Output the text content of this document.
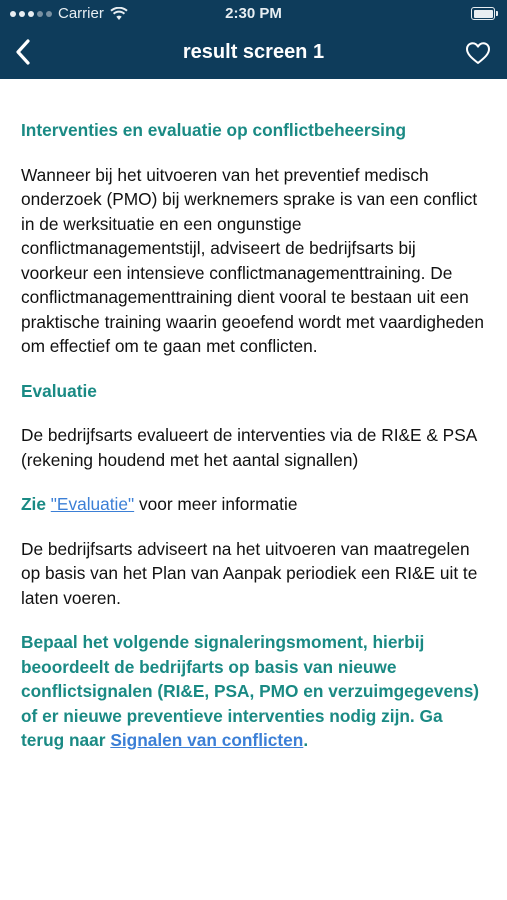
Carrier	2:30 PM
result screen 1

Interventies en evaluatie op conflictbeheersing

Wanneer bij het uitvoeren van het preventief medisch onderzoek (PMO) bij werknemers sprake is van een conflict in de werksituatie en een ongunstige conflictmanagementstijl, adviseert de bedrijfsarts bij voorkeur een intensieve conflictmanagementtraining. De conflictmanagementtraining dient vooral te bestaan uit een praktische training waarin geoefend wordt met vaardigheden om effectief om te gaan met conflicten.

Evaluatie

De bedrijfsarts evalueert de interventies via de RI&E & PSA (rekening houdend met het aantal signallen)

Zie "Evaluatie" voor meer informatie

De bedrijfsarts adviseert na het uitvoeren van maatregelen op basis van het Plan van Aanpak periodiek een RI&E uit te laten voeren.

Bepaal het volgende signaleringsmoment, hierbij beoordeelt de bedrijfarts op basis van nieuwe conflictsignalen (RI&E, PSA, PMO en verzuimgegevens) of er nieuwe preventieve interventies nodig zijn. Ga terug naar Signalen van conflicten.
